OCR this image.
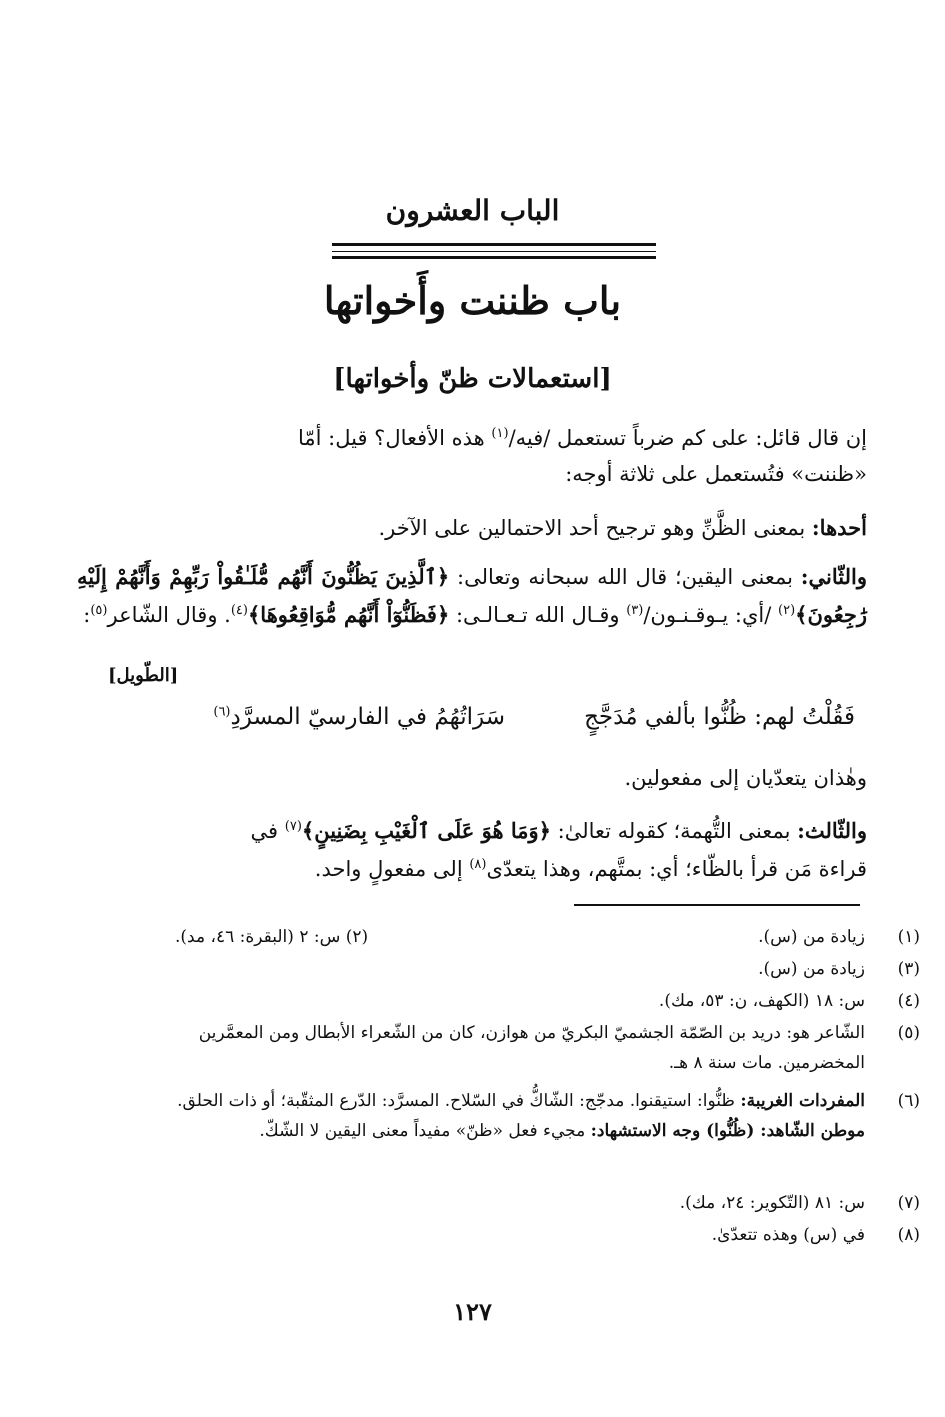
الباب العشرون
باب ظننت وأَخواتها
[استعمالات ظنّ وأخواتها]
إن قال قائل: على كم ضرباً تستعمل /فيه/$^{(١)}$ هذه الأفعال؟ قيل: أمّا
«ظننت» فتُستعمل على ثلاثة أوجه:
أحدها: بمعنى الظَّنِّ وهو ترجيح أحد الاحتمالين على الآخر.
والثّاني: بمعنى اليقين؛ قال الله سبحانه وتعالى: ﴿ٱلَّذِينَ يَظُنُّونَ أَنَّهُم مُّلَـٰقُواْ رَبِّهِمْ وَأَنَّهُمْ إِلَيْهِ رَٰجِعُونَ﴾$^{(٢)}$ /أي: يـوقـنـون/$^{(٣)}$ وقـال الله تـعـالـى: ﴿فَظَنُّوٓاْ أَنَّهُم مُّوَاقِعُوهَا﴾$^{(٤)}$. وقال الشّاعر$^{(٥)}$:
[الطّويل]
فَقُلْتُ لهم: ظُنُّوا بألفي مُدَجَّجٍ
سَرَاتُهُمُ في الفارسيّ المسرَّدِ$^{(٦)}$
وهٰذان يتعدّيان إلى مفعولين.
والثّالث: بمعنى التُّهمة؛ كقوله تعالىٰ: ﴿وَمَا هُوَ عَلَى ٱلْغَيْبِ بِضَنِينٍ﴾$^{(٧)}$ في
قراءة مَن قرأ بالظّاء؛ أي: بمتَّهم، وهذا يتعدّى$^{(٨)}$ إلى مفعولٍ واحد.
(١)
زيادة من (س).
(٢) س: ٢ (البقرة: ٤٦، مد).
(٣)
زيادة من (س).
(٤)
س: ١٨ (الكهف، ن: ٥٣، مك).
(٥)
الشّاعر هو: دريد بن الصّمّة الجشميّ البكريّ من هوازن، كان من الشّعراء الأبطال ومن المعمَّرين المخضرمين. مات سنة ٨ هـ.
(٦)
المفردات الغريبة: ظنُّوا: استيقنوا. مدجّج: الشّاكُّ في السّلاح. المسرَّد: الدّرع المثقّبة؛ أو ذات الحلق.
موطن الشّاهد: (ظُنُّوا) وجه الاستشهاد: مجيء فعل «ظنّ» مفيداً معنى اليقين لا الشّكّ.
(٧)
س: ٨١ (التّكوير: ٢٤، مك).
(٨)
في (س) وهذه تتعدّىٰ.
١٢٧
